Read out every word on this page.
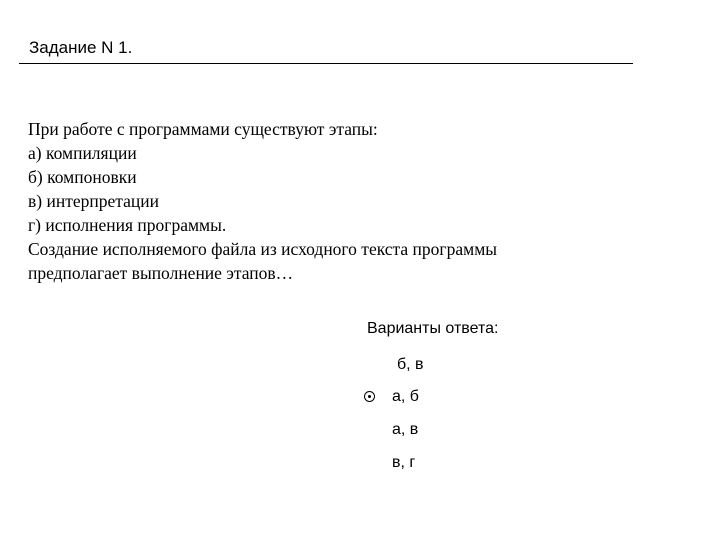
Задание N 1.
При работе с программами существуют этапы:
а) компиляции
б) компоновки
в) интерпретации
г) исполнения программы.
Создание исполняемого файла из исходного текста программы
предполагает выполнение этапов…
Варианты ответа:
б, в
а, б
а, в
в, г
